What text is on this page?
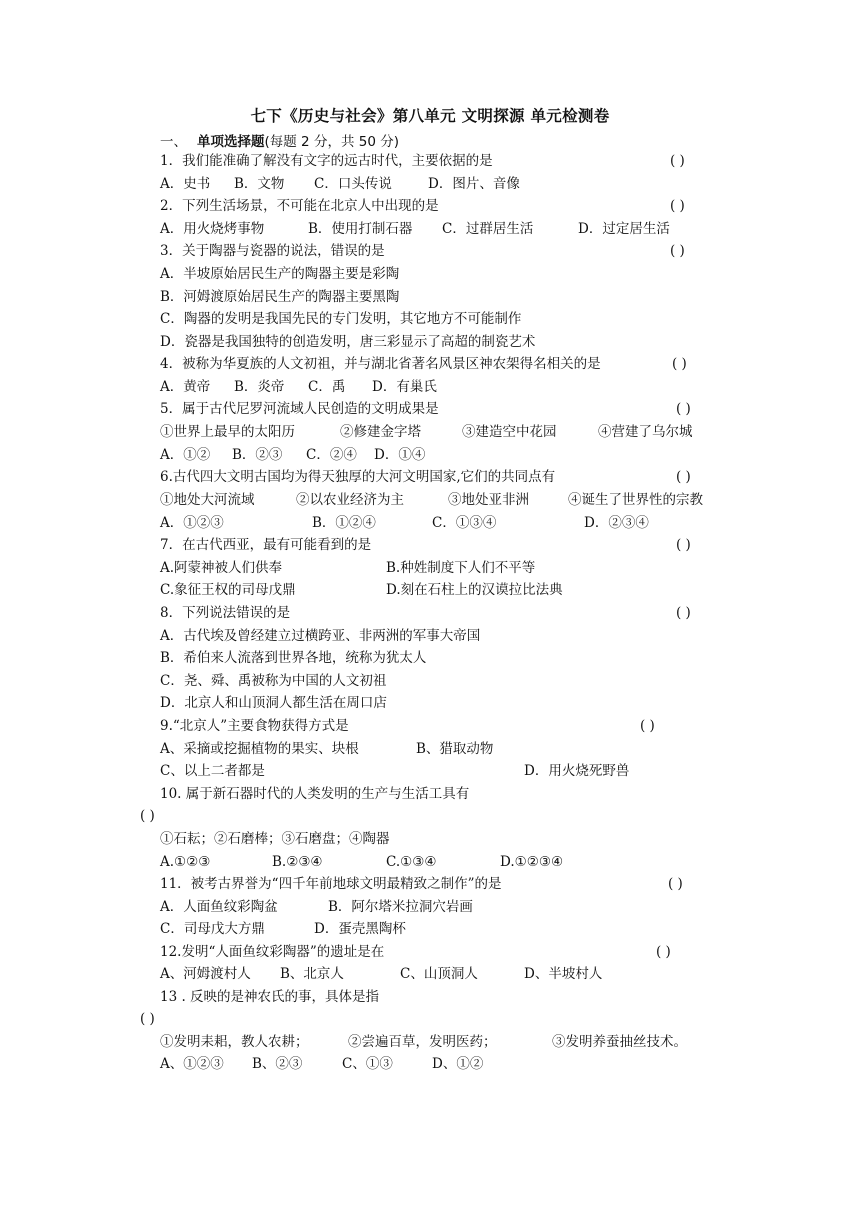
七下《历史与社会》第八单元 文明探源 单元检测卷
一、 单项选择题(每题 2 分，共 50 分)
1．我们能准确了解没有文字的远古时代，主要依据的是	( )
A．史书 B．文物 C．口头传说	D．图片、音像
2．下列生活场景，不可能在北京人中出现的是	( )
A．用火烧烤事物	B．使用打制石器 C．过群居生活	D．过定居生活
3．关于陶器与瓷器的说法，错误的是	( )
A．半坡原始居民生产的陶器主要是彩陶
B．河姆渡原始居民生产的陶器主要黑陶
C．陶器的发明是我国先民的专门发明，其它地方不可能制作
D．瓷器是我国独特的创造发明，唐三彩显示了高超的制瓷艺术
4．被称为华夏族的人文初祖，并与湖北省著名风景区神农架得名相关的是	( )
A．黄帝 B．炎帝 C．禹 D．有巢氏
5．属于古代尼罗河流域人民创造的文明成果是	( )
①世界上最早的太阳历	②修建金字塔	③建造空中花园	④营建了乌尔城
A．①② B．②③ C．②④ D．①④
6.古代四大文明古国均为得天独厚的大河文明国家,它们的共同点有	( )
①地处大河流域	②以农业经济为主	③地处亚非洲	④诞生了世界性的宗教
A．①②③	B．①②④	C．①③④	D．②③④
7．在古代西亚，最有可能看到的是	( )
A.阿蒙神被人们供奉	B.种姓制度下人们不平等
C.象征王权的司母戊鼎	D.刻在石柱上的汉谟拉比法典
8．下列说法错误的是	( )
A．古代埃及曾经建立过横跨亚、非两洲的军事大帝国
B．希伯来人流落到世界各地，统称为犹太人
C．尧、舜、禹被称为中国的人文初祖
D．北京人和山顶洞人都生活在周口店
9.“北京人”主要食物获得方式是	( )
A、采摘或挖掘植物的果实、块根	B、猎取动物
C、以上二者都是	D．用火烧死野兽
10. 属于新石器时代的人类发明的生产与生活工具有
( )
①石耘；②石磨棒；③石磨盘；④陶器
A.①②③	B.②③④	C.①③④	D.①②③④
11．被考古界誉为“四千年前地球文明最精致之制作”的是	( )
A．人面鱼纹彩陶盆	B．阿尔塔米拉洞穴岩画
C．司母戊大方鼎	D．蛋壳黑陶杯
12.发明“人面鱼纹彩陶器”的遗址是在	( )
A、河姆渡村人 B、北京人	C、山顶洞人	D、半坡村人
13 . 反映的是神农氏的事，具体是指
( )
①发明耒耜，教人农耕；	②尝遍百草，发明医药；	③发明养蚕抽丝技术。
A、①②③ B、②③	C、①③	D、①②
